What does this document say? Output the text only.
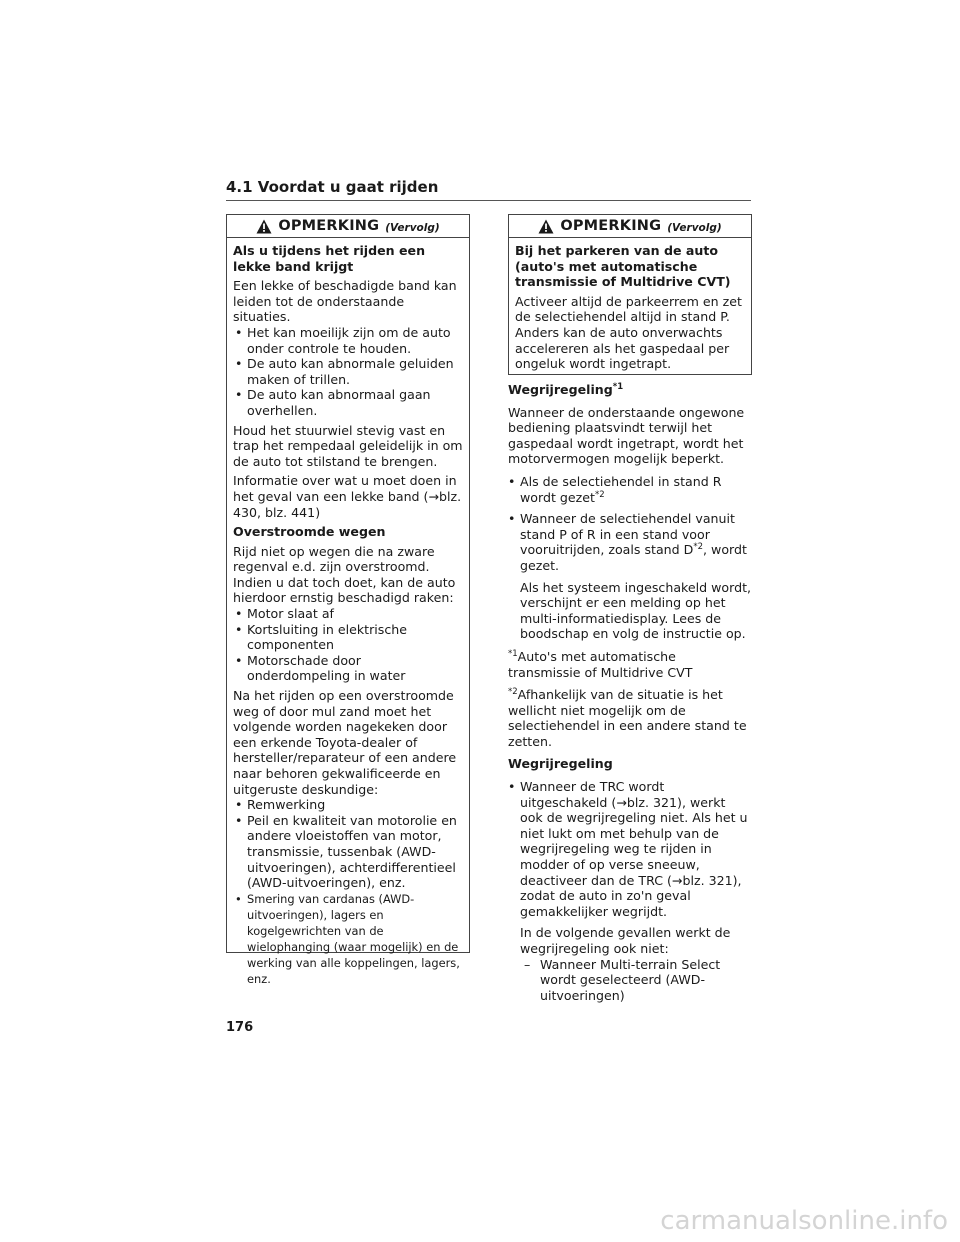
4.1 Voordat u gaat rijden
OPMERKING (Vervolg)
Als u tijdens het rijden een lekke band krijgt

Een lekke of beschadigde band kan leiden tot de onderstaande situaties.

• Het kan moeilijk zijn om de auto onder controle te houden.
• De auto kan abnormale geluiden maken of trillen.
• De auto kan abnormaal gaan overhellen.

Houd het stuurwiel stevig vast en trap het rempedaal geleidelijk in om de auto tot stilstand te brengen.

Informatie over wat u moet doen in het geval van een lekke band (→blz. 430, blz. 441)

Overstroomde wegen

Rijd niet op wegen die na zware regenval e.d. zijn overstroomd. Indien u dat toch doet, kan de auto hierdoor ernstig beschadigd raken:

• Motor slaat af
• Kortsluiting in elektrische componenten
• Motorschade door onderdompeling in water

Na het rijden op een overstroomde weg of door mul zand moet het volgende worden nagekeken door een erkende Toyota-dealer of hersteller/reparateur of een andere naar behoren gekwalificeerde en uitgeruste deskundige:

• Remwerking
• Peil en kwaliteit van motorolie en andere vloeistoffen van motor, transmissie, tussenbak (AWD-uitvoeringen), achterdifferentieel (AWD-uitvoeringen), enz.
• Smering van cardanas (AWD-uitvoeringen), lagers en kogelgewrichten van de wielophanging (waar mogelijk) en de werking van alle koppelingen, lagers, enz.
OPMERKING (Vervolg)
Bij het parkeren van de auto (auto's met automatische transmissie of Multidrive CVT)

Activeer altijd de parkeerrem en zet de selectiehendel altijd in stand P. Anders kan de auto onverwachts accelereren als het gaspedaal per ongeluk wordt ingetrapt.

Wegrijregeling$^{*1}$

Wanneer de onderstaande ongewone bediening plaatsvindt terwijl het gaspedaal wordt ingetrapt, wordt het motorvermogen mogelijk beperkt.

• Als de selectiehendel in stand R wordt gezet$^{*2}$
• Wanneer de selectiehendel vanuit stand P of R in een stand voor vooruitrijden, zoals stand $D^{*2}$, wordt gezet.
Als het systeem ingeschakeld wordt, verschijnt er een melding op het multi-informatiedisplay. Lees de boodschap en volg de instructie op.

$^{*1}$Auto's met automatische transmissie of Multidrive CVT

$^{*2}$Afhankelijk van de situatie is het wellicht niet mogelijk om de selectiehendel in een andere stand te zetten.

Wegrijregeling
• Wanneer de TRC wordt uitgeschakeld (→blz. 321), werkt ook de wegrijregeling niet. Als het u niet lukt om met behulp van de wegrijregeling weg te rijden in modder of op verse sneeuw, deactiveer dan de TRC (→blz. 321), zodat de auto in zo'n geval gemakkelijker wegrijdt.
In de volgende gevallen werkt de wegrijregeling ook niet:
– Wanneer Multi-terrain Select wordt geselecteerd (AWD-uitvoeringen)
176
carmanualsonline.info
